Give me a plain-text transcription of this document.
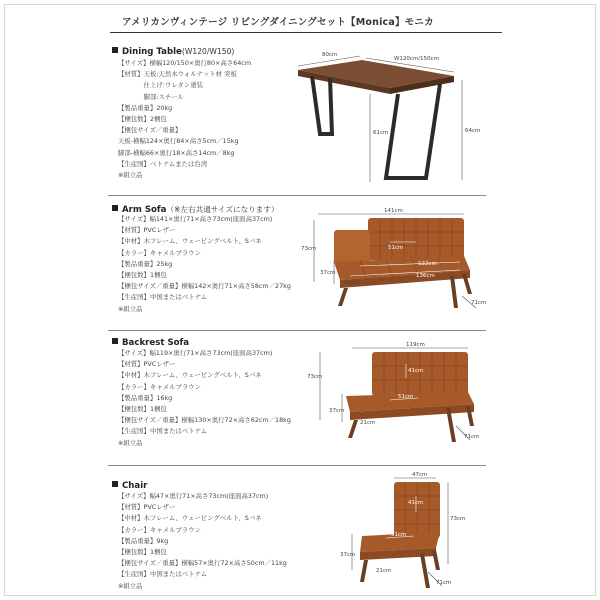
アメリカンヴィンテージ リビングダイニングセット【Monica】モニカ
Dining Table(W120/W150)
【サイズ】横幅120/150×奥行80×高さ64cm
【材質】天板:天然木ウォルナット材 突板
　　　　仕上げ:ウレタン塗装
　　　　脚部:スチール
【製品重量】20kg
【梱包数】2梱包
【梱包サイズ／重量】
天板-横幅124×奥行84×高さ5cm／15kg
脚部-横幅66×奥行18×高さ14cm／8kg
【生産国】ベトナムまたは台湾
※組立品
80cm
W120cm/150cm
64cm
61cm
Arm Sofa（※左右共通サイズになります）
【サイズ】幅141×奥行71×高さ73cm(座面高37cm)
【材質】PVCレザー
【中材】木フレーム、ウェービングベルト、Sバネ
【カラー】キャメルブラウン
【製品重量】25kg
【梱包数】1梱包
【梱包サイズ／重量】横幅142×奥行71×高さ58cm／27kg
【生産国】中国またはベトナム
※組立品
141cm
73cm
37cm
51cm
122cm
136cm
21cm
71cm
Backrest Sofa
【サイズ】幅119×奥行71×高さ73cm(座面高37cm)
【材質】PVCレザー
【中材】木フレーム、ウェービングベルト、Sバネ
【カラー】キャメルブラウン
【製品重量】16kg
【梱包数】1梱包
【梱包サイズ／重量】横幅130×奥行72×高さ62cm／18kg
【生産国】中国またはベトナム
※組立品
119cm
73cm
37cm
41cm
51cm
21cm
71cm
Chair
【サイズ】幅47×奥行71×高さ73cm(座面高37cm)
【材質】PVCレザー
【中材】木フレーム、ウェービングベルト、Sバネ
【カラー】キャメルブラウン
【製品重量】9kg
【梱包数】1梱包
【梱包サイズ／重量】横幅57×奥行72×高さ50cm／11kg
【生産国】中国またはベトナム
※組立品
47cm
73cm
37cm
41cm
51cm
21cm
71cm
